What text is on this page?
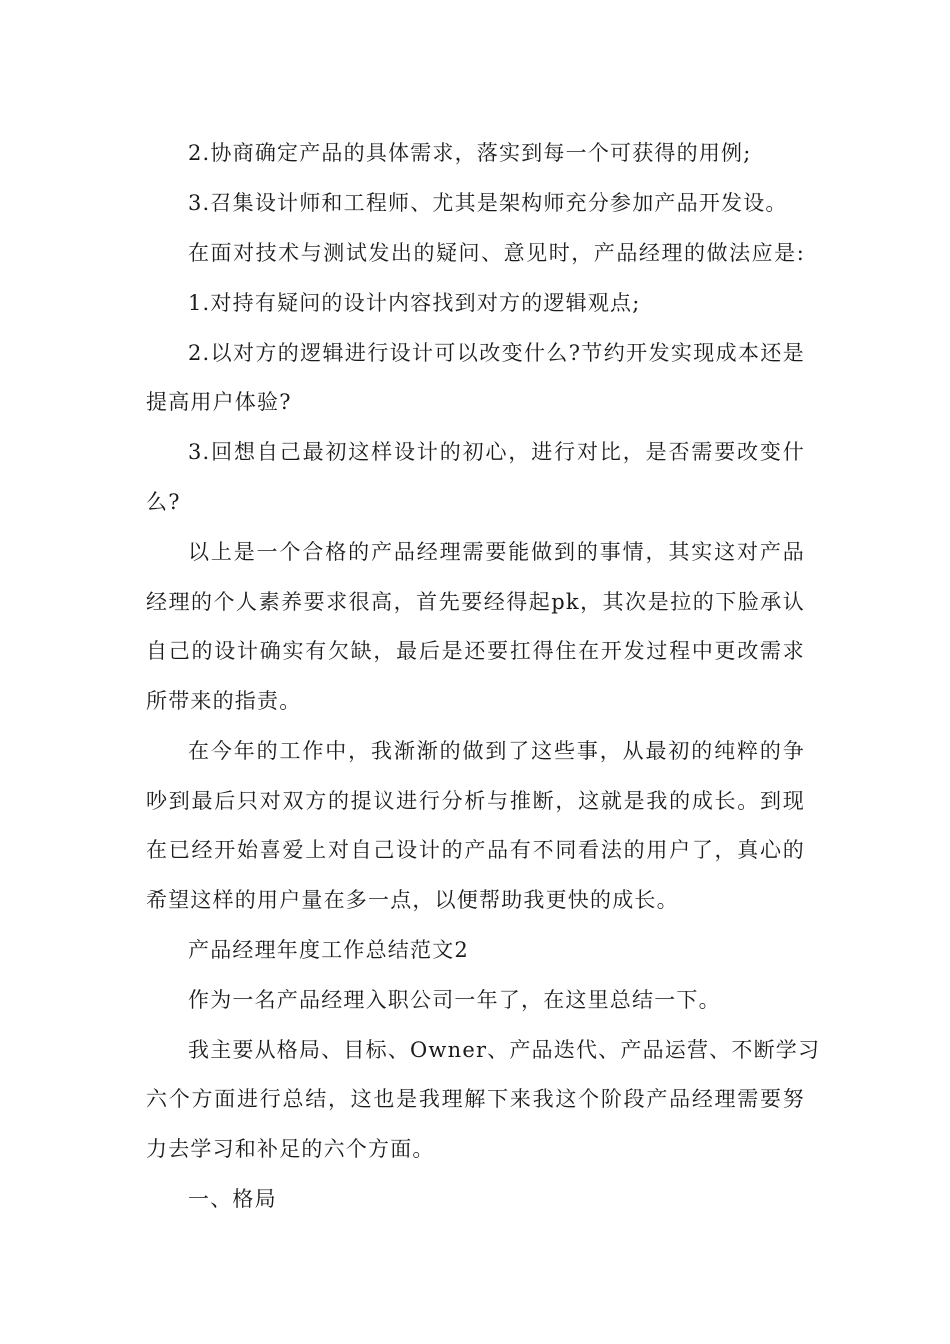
2.协商确定产品的具体需求，落实到每一个可获得的用例;
3.召集设计师和工程师、尤其是架构师充分参加产品开发设。
在面对技术与测试发出的疑问、意见时，产品经理的做法应是:
1.对持有疑问的设计内容找到对方的逻辑观点;
2.以对方的逻辑进行设计可以改变什么?节约开发实现成本还是
提高用户体验?
3.回想自己最初这样设计的初心，进行对比，是否需要改变什
么?
以上是一个合格的产品经理需要能做到的事情，其实这对产品
经理的个人素养要求很高，首先要经得起pk，其次是拉的下脸承认
自己的设计确实有欠缺，最后是还要扛得住在开发过程中更改需求
所带来的指责。
在今年的工作中，我渐渐的做到了这些事，从最初的纯粹的争
吵到最后只对双方的提议进行分析与推断，这就是我的成长。到现
在已经开始喜爱上对自己设计的产品有不同看法的用户了，真心的
希望这样的用户量在多一点，以便帮助我更快的成长。
产品经理年度工作总结范文2
作为一名产品经理入职公司一年了，在这里总结一下。
我主要从格局、目标、Owner、产品迭代、产品运营、不断学习
六个方面进行总结，这也是我理解下来我这个阶段产品经理需要努
力去学习和补足的六个方面。
一、格局
